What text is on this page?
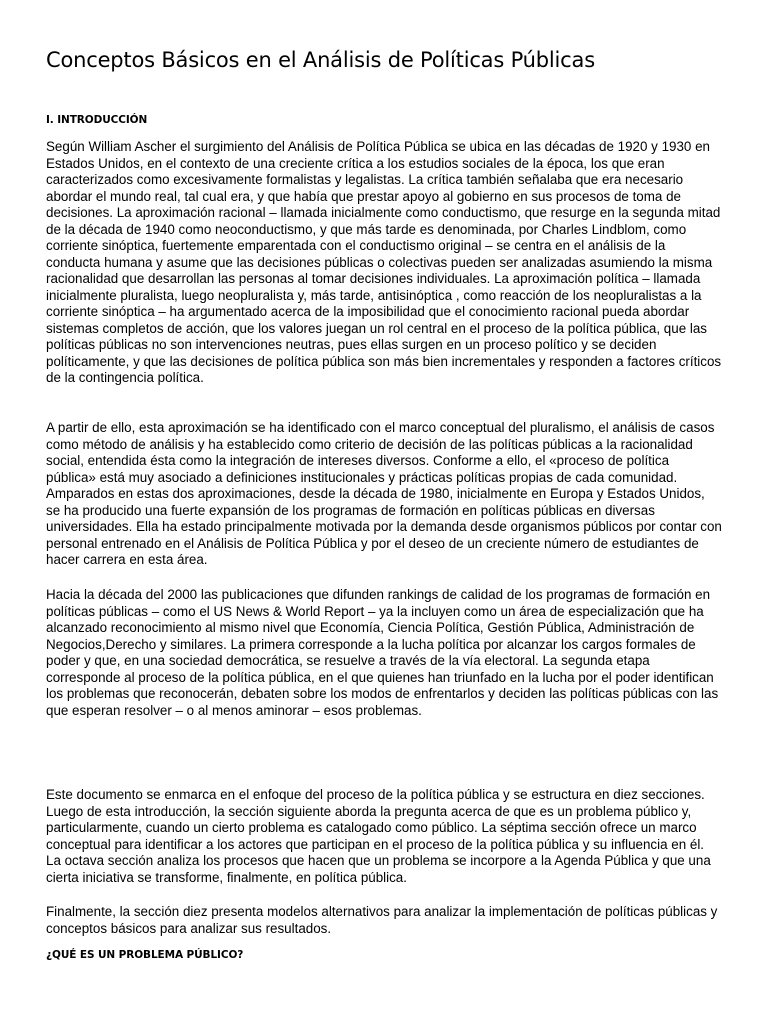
Conceptos Básicos en el Análisis de Políticas Públicas
I. INTRODUCCIÓN

Según William Ascher el surgimiento del Análisis de Política Pública se ubica en las décadas de 1920 y 1930 en Estados Unidos, en el contexto de una creciente crítica a los estudios sociales de la época, los que eran caracterizados como excesivamente formalistas y legalistas. La crítica también señalaba que era necesario abordar el mundo real, tal cual era, y que había que prestar apoyo al gobierno en sus procesos de toma de decisiones. La aproximación racional – llamada inicialmente como conductismo, que resurge en la segunda mitad de la década de 1940 como neoconductismo, y que más tarde es denominada, por Charles Lindblom, como corriente sinóptica, fuertemente emparentada con el conductismo original – se centra en el análisis de la conducta humana y asume que las decisiones públicas o colectivas pueden ser analizadas asumiendo la misma racionalidad que desarrollan las personas al tomar decisiones individuales. La aproximación política – llamada inicialmente pluralista, luego neopluralista y, más tarde, antisinóptica , como reacción de los neopluralistas a la corriente sinóptica – ha argumentado acerca de la imposibilidad que el conocimiento racional pueda abordar sistemas completos de acción, que los valores juegan un rol central en el proceso de la política pública, que las políticas públicas no son intervenciones neutras, pues ellas surgen en un proceso político y se deciden políticamente, y que las decisiones de política pública son más bien incrementales y responden a factores críticos de la contingencia política.

A partir de ello, esta aproximación se ha identificado con el marco conceptual del pluralismo, el análisis de casos como método de análisis y ha establecido como criterio de decisión de las políticas públicas a la racionalidad social, entendida ésta como la integración de intereses diversos. Conforme a ello, el «proceso de política pública» está muy asociado a definiciones institucionales y prácticas políticas propias de cada comunidad. Amparados en estas dos aproximaciones, desde la década de 1980, inicialmente en Europa y Estados Unidos, se ha producido una fuerte expansión de los programas de formación en políticas públicas en diversas universidades. Ella ha estado principalmente motivada por la demanda desde organismos públicos por contar con personal entrenado en el Análisis de Política Pública y por el deseo de un creciente número de estudiantes de hacer carrera en esta área.

Hacia la década del 2000 las publicaciones que difunden rankings de calidad de los programas de formación en políticas públicas – como el US News & World Report – ya la incluyen como un área de especialización que ha alcanzado reconocimiento al mismo nivel que Economía, Ciencia Política, Gestión Pública, Administración de Negocios,Derecho y similares. La primera corresponde a la lucha política por alcanzar los cargos formales de poder y que, en una sociedad democrática, se resuelve a través de la vía electoral. La segunda etapa corresponde al proceso de la política pública, en el que quienes han triunfado en la lucha por el poder identifican los problemas que reconocerán, debaten sobre los modos de enfrentarlos y deciden las políticas públicas con las que esperan resolver – o al menos aminorar – esos problemas.

Este documento se enmarca en el enfoque del proceso de la política pública y se estructura en diez secciones. Luego de esta introducción, la sección siguiente aborda la pregunta acerca de que es un problema público y, particularmente, cuando un cierto problema es catalogado como público. La séptima sección ofrece un marco conceptual para identificar a los actores que participan en el proceso de la política pública y su influencia en él. La octava sección analiza los procesos que hacen que un problema se incorpore a la Agenda Pública y que una cierta iniciativa se transforme, finalmente, en política pública.

Finalmente, la sección diez presenta modelos alternativos para analizar la implementación de políticas públicas y conceptos básicos para analizar sus resultados.

¿QUÉ ES UN PROBLEMA PÚBLICO?
